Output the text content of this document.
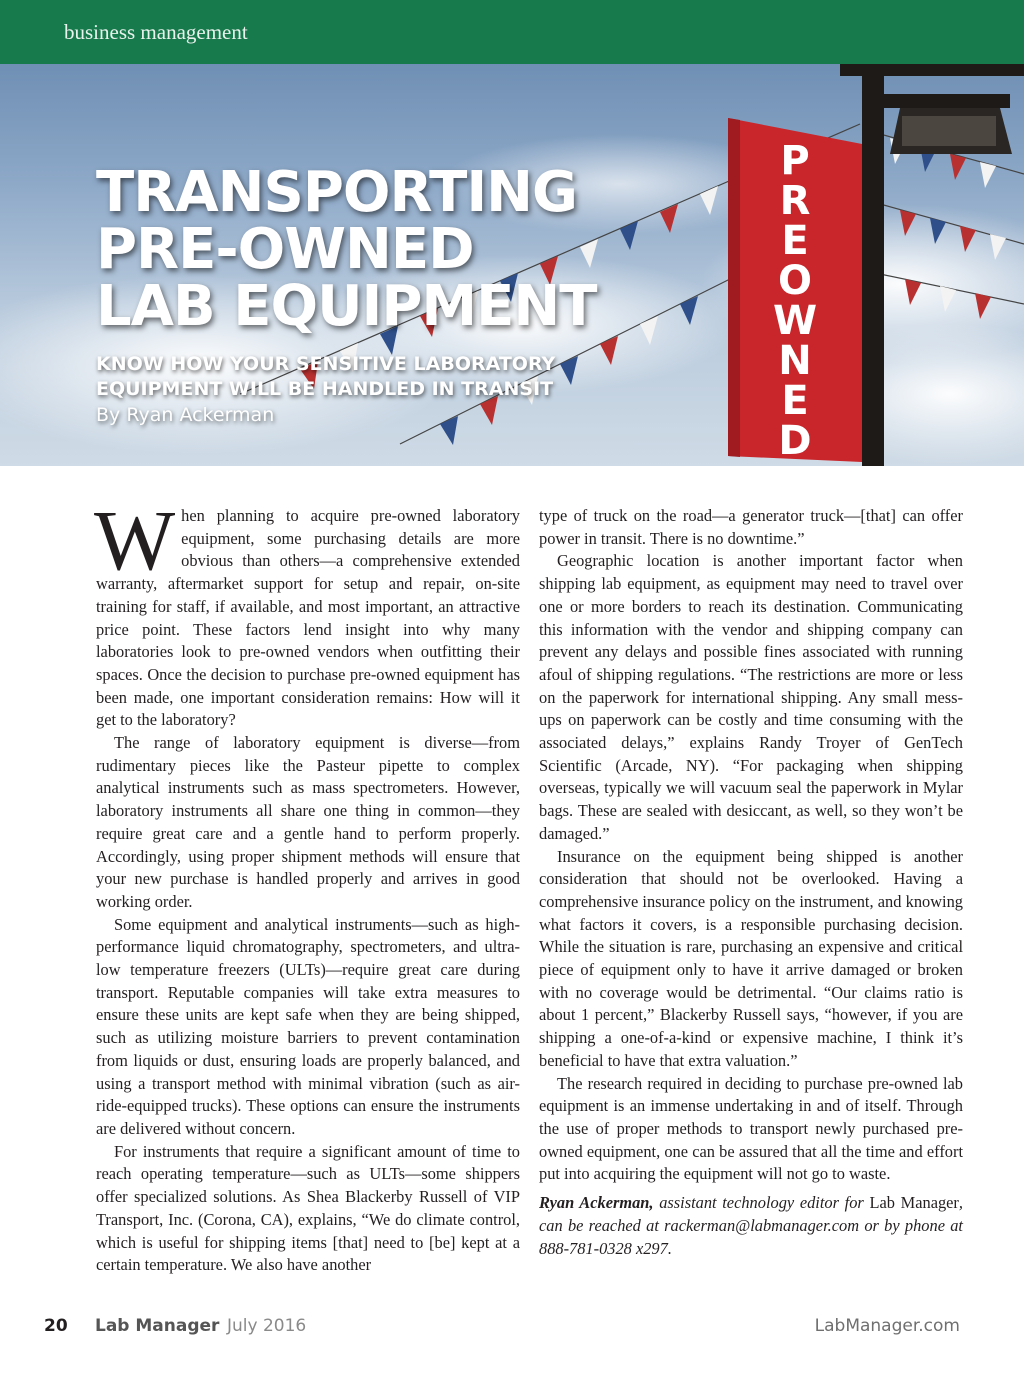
business management
P
R
E
O
W
N
E
D
TRANSPORTING
PRE-OWNED
LAB EQUIPMENT
KNOW HOW YOUR SENSITIVE LABORATORY
EQUIPMENT WILL BE HANDLED IN TRANSIT
By Ryan Ackerman

When planning to acquire pre-owned laboratory equipment, some purchasing details are more obvious than others—a comprehensive extended warranty, aftermarket support for setup and repair, on-site training for staff, if available, and most important, an attractive price point. These factors lend insight into why many laboratories look to pre-owned vendors when outfitting their spaces. Once the decision to purchase pre-owned equipment has been made, one important consideration remains: How will it get to the laboratory?

The range of laboratory equipment is diverse—from rudimentary pieces like the Pasteur pipette to complex analytical instruments such as mass spectrometers. However, laboratory instruments all share one thing in common—they require great care and a gentle hand to perform properly. Accordingly, using proper shipment methods will ensure that your new purchase is handled properly and arrives in good working order.

Some equipment and analytical instruments—such as high-performance liquid chromatography, spectrometers, and ultra-low temperature freezers (ULTs)—require great care during transport. Reputable companies will take extra measures to ensure these units are kept safe when they are being shipped, such as utilizing moisture barriers to prevent contamination from liquids or dust, ensuring loads are properly balanced, and using a transport method with minimal vibration (such as air-ride-equipped trucks). These options can ensure the instruments are delivered without concern.

For instruments that require a significant amount of time to reach operating temperature—such as ULTs—some shippers offer specialized solutions. As Shea Blackerby Russell of VIP Transport, Inc. (Corona, CA), explains, “We do climate control, which is useful for shipping items [that] need to [be] kept at a certain temperature. We also have another

type of truck on the road—a generator truck—[that] can offer power in transit. There is no downtime.”

Geographic location is another important factor when shipping lab equipment, as equipment may need to travel over one or more borders to reach its destination. Communicating this information with the vendor and shipping company can prevent any delays and possible fines associated with running afoul of shipping regulations. “The restrictions are more or less on the paperwork for international shipping. Any small mess-ups on paperwork can be costly and time consuming with the associated delays,” explains Randy Troyer of GenTech Scientific (Arcade, NY). “For packaging when shipping overseas, typically we will vacuum seal the paperwork in Mylar bags. These are sealed with desiccant, as well, so they won’t be damaged.”

Insurance on the equipment being shipped is another consideration that should not be overlooked. Having a comprehensive insurance policy on the instrument, and knowing what factors it covers, is a responsible purchasing decision. While the situation is rare, purchasing an expensive and critical piece of equipment only to have it arrive damaged or broken with no coverage would be detrimental. “Our claims ratio is about 1 percent,” Blackerby Russell says, “however, if you are shipping a one-of-a-kind or expensive machine, I think it’s beneficial to have that extra valuation.”

The research required in deciding to purchase pre-owned lab equipment is an immense undertaking in and of itself. Through the use of proper methods to transport newly purchased pre-owned equipment, one can be assured that all the time and effort put into acquiring the equipment will not go to waste.

Ryan Ackerman, assistant technology editor for Lab Manager, can be reached at rackerman@labmanager.com or by phone at 888-781-0328 x297.

20 Lab Manager July 2016	LabManager.com
